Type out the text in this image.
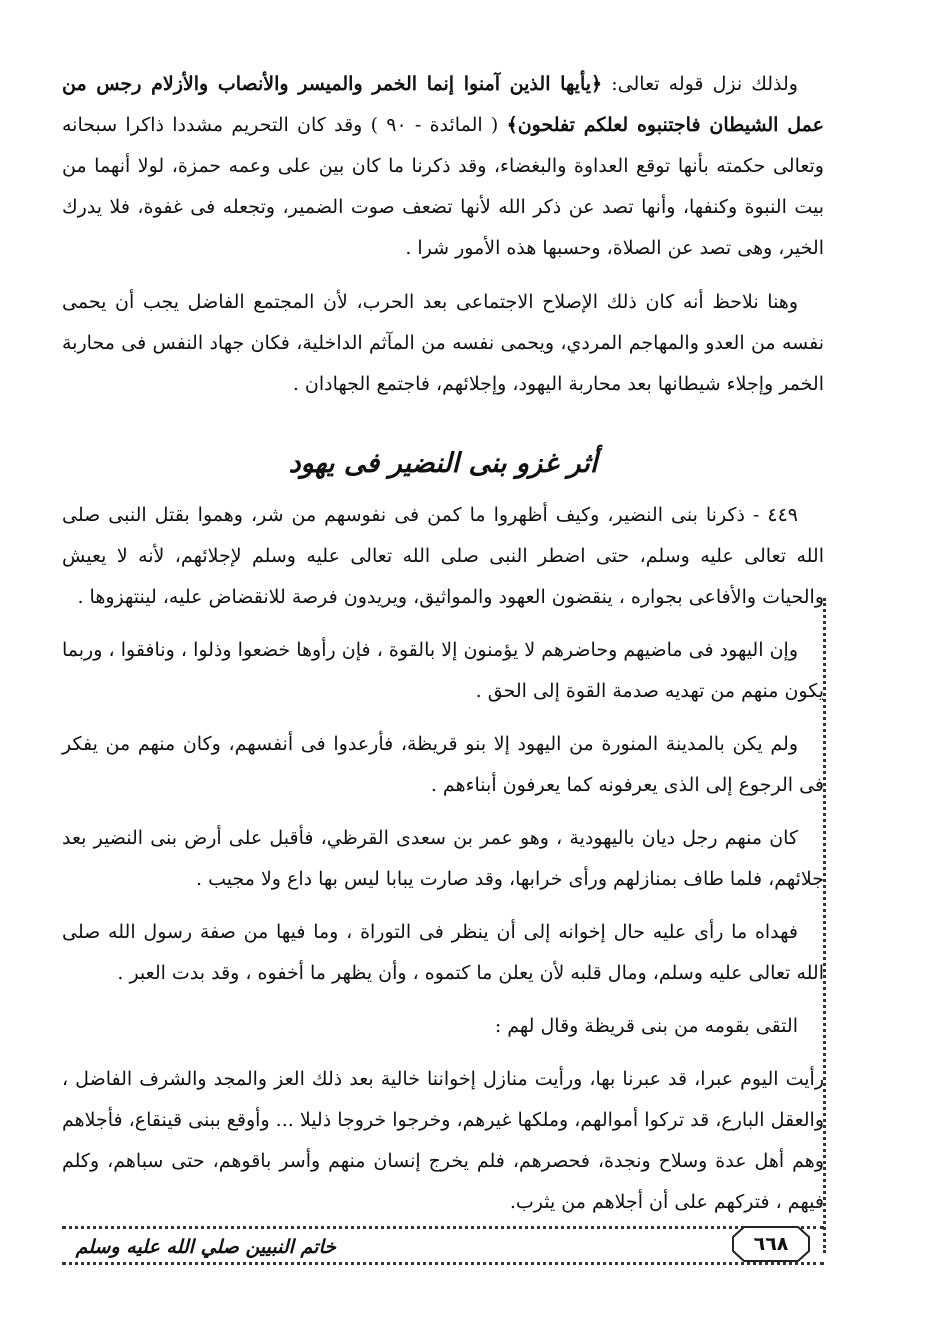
ولذلك نزل قوله تعالى: ﴿يأيها الذين آمنوا إنما الخمر والميسر والأنصاب والأزلام رجس من عمل الشيطان فاجتنبوه لعلكم تفلحون﴾ ( المائدة - ٩٠ ) وقد كان التحريم مشددا ذاكرا سبحانه وتعالى حكمته بأنها توقع العداوة والبغضاء، وقد ذكرنا ما كان بين على وعمه حمزة، لولا أنهما من بيت النبوة وكنفها، وأنها تصد عن ذكر الله لأنها تضعف صوت الضمير، وتجعله فى غفوة، فلا يدرك الخير، وهى تصد عن الصلاة، وحسبها هذه الأمور شرا .

وهنا نلاحظ أنه كان ذلك الإصلاح الاجتماعى بعد الحرب، لأن المجتمع الفاضل يجب أن يحمى نفسه من العدو والمهاجم المردي، ويحمى نفسه من المآثم الداخلية، فكان جهاد النفس فى محاربة الخمر وإجلاء شيطانها بعد محاربة اليهود، وإجلائهم، فاجتمع الجهادان .

أثر غزو بنى النضير فى يهود

٤٤٩ - ذكرنا بنى النضير، وكيف أظهروا ما كمن فى نفوسهم من شر، وهموا بقتل النبى صلى الله تعالى عليه وسلم، حتى اضطر النبى صلى الله تعالى عليه وسلم لإجلائهم، لأنه لا يعيش والحيات والأفاعى بجواره ، ينقضون العهود والمواثيق، ويريدون فرصة للانقضاض عليه، لينتهزوها .

وإن اليهود فى ماضيهم وحاضرهم لا يؤمنون إلا بالقوة ، فإن رأوها خضعوا وذلوا ، ونافقوا ، وربما يكون منهم من تهديه صدمة القوة إلى الحق .

ولم يكن بالمدينة المنورة من اليهود إلا بنو قريظة، فأرعدوا فى أنفسهم، وكان منهم من يفكر فى الرجوع إلى الذى يعرفونه كما يعرفون أبناءهم .

كان منهم رجل ديان باليهودية ، وهو عمر بن سعدى القرظي، فأقبل على أرض بنى النضير بعد جلائهم، فلما طاف بمنازلهم ورأى خرابها، وقد صارت يبابا ليس بها داع ولا مجيب .

فهداه ما رأى عليه حال إخوانه إلى أن ينظر فى التوراة ، وما فيها من صفة رسول الله صلى الله تعالى عليه وسلم، ومال قلبه لأن يعلن ما كتموه ، وأن يظهر ما أخفوه ، وقد بدت العبر .

التقى بقومه من بنى قريظة وقال لهم :

رأيت اليوم عبرا، قد عبرنا بها، ورأيت منازل إخواننا خالية بعد ذلك العز والمجد والشرف الفاضل ، والعقل البارع، قد تركوا أموالهم، وملكها غيرهم، وخرجوا خروجا ذليلا ... وأوقع ببنى قينقاع، فأجلاهم وهم أهل عدة وسلاح ونجدة، فحصرهم، فلم يخرج إنسان منهم وأسر باقوهم، حتى سباهم، وكلم فيهم ، فتركهم على أن أجلاهم من يثرب.

٦٦٨
خاتم النبيين صلي الله عليه وسلم
